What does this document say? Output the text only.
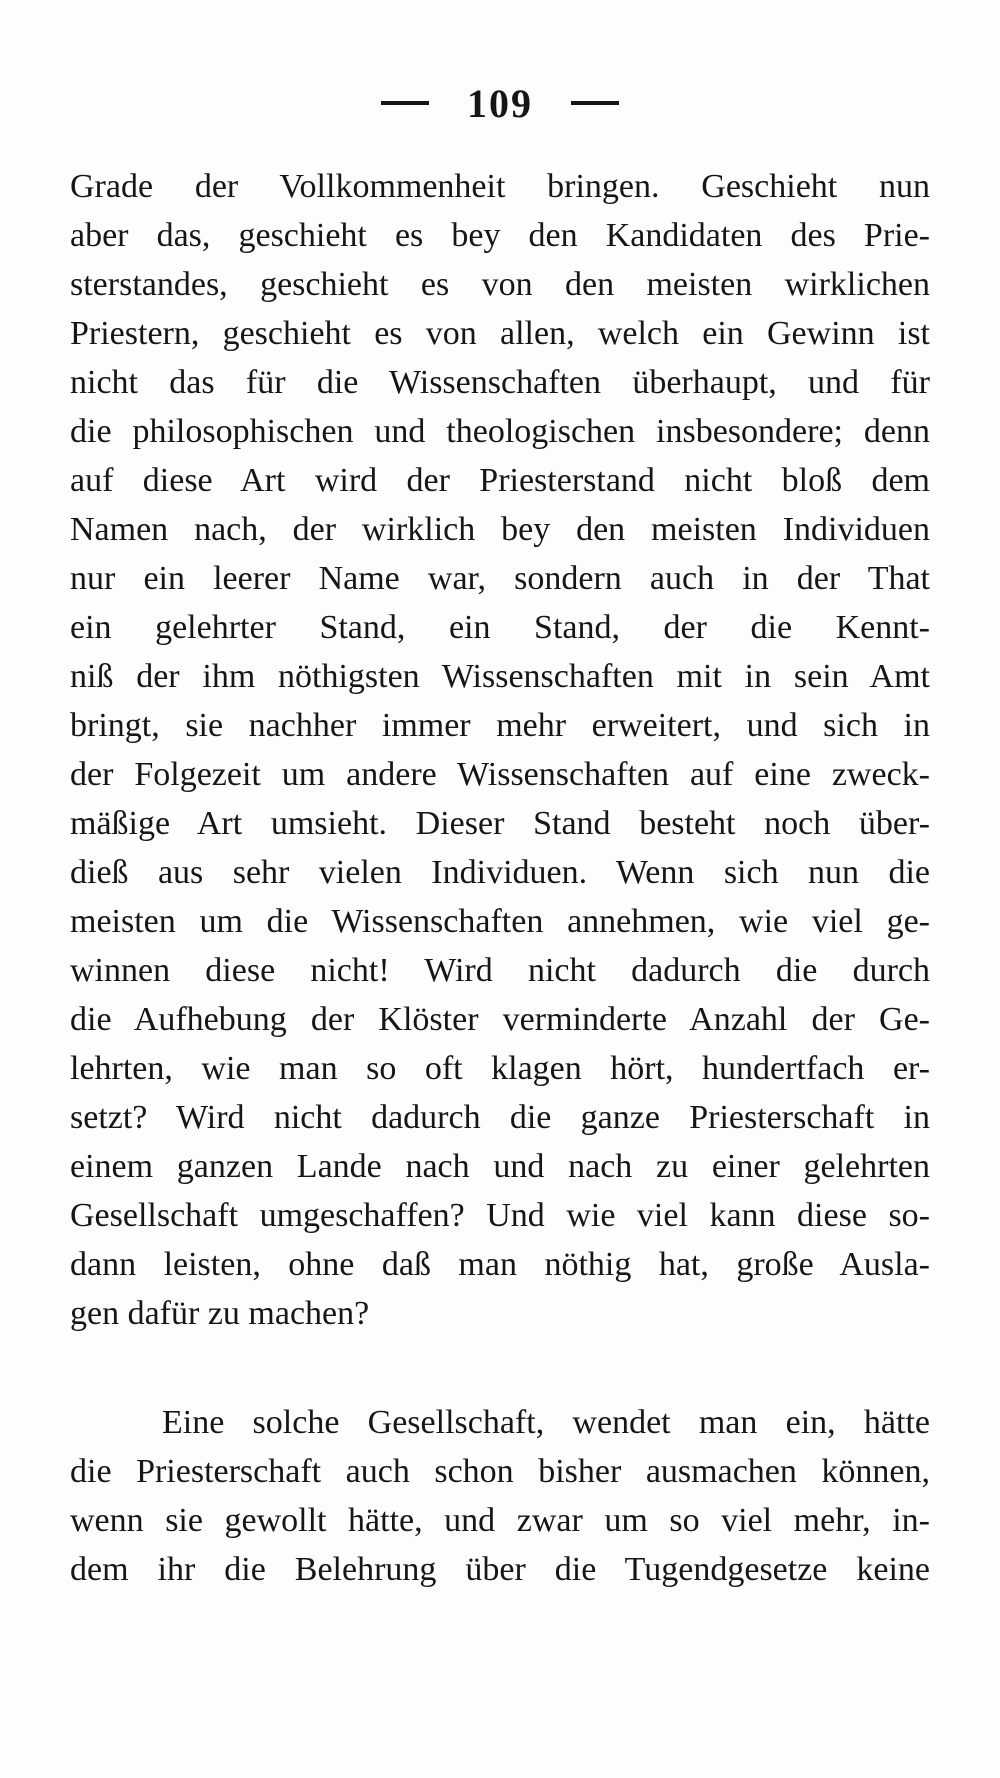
109
Grade der Vollkommenheit bringen. Geschieht nun
aber das, geschieht es bey den Kandidaten des Prie-
sterstandes, geschieht es von den meisten wirklichen
Priestern, geschieht es von allen, welch ein Gewinn ist
nicht das für die Wissenschaften überhaupt, und für
die philosophischen und theologischen insbesondere; denn
auf diese Art wird der Priesterstand nicht bloß dem
Namen nach, der wirklich bey den meisten Individuen
nur ein leerer Name war, sondern auch in der That
ein gelehrter Stand, ein Stand, der die Kennt-
niß der ihm nöthigsten Wissenschaften mit in sein Amt
bringt, sie nachher immer mehr erweitert, und sich in
der Folgezeit um andere Wissenschaften auf eine zweck-
mäßige Art umsieht. Dieser Stand besteht noch über-
dieß aus sehr vielen Individuen. Wenn sich nun die
meisten um die Wissenschaften annehmen, wie viel ge-
winnen diese nicht! Wird nicht dadurch die durch
die Aufhebung der Klöster verminderte Anzahl der Ge-
lehrten, wie man so oft klagen hört, hundertfach er-
setzt? Wird nicht dadurch die ganze Priesterschaft in
einem ganzen Lande nach und nach zu einer gelehrten
Gesellschaft umgeschaffen? Und wie viel kann diese so-
dann leisten, ohne daß man nöthig hat, große Ausla-
gen dafür zu machen?
Eine solche Gesellschaft, wendet man ein, hätte
die Priesterschaft auch schon bisher ausmachen können,
wenn sie gewollt hätte, und zwar um so viel mehr, in-
dem ihr die Belehrung über die Tugendgesetze keine
